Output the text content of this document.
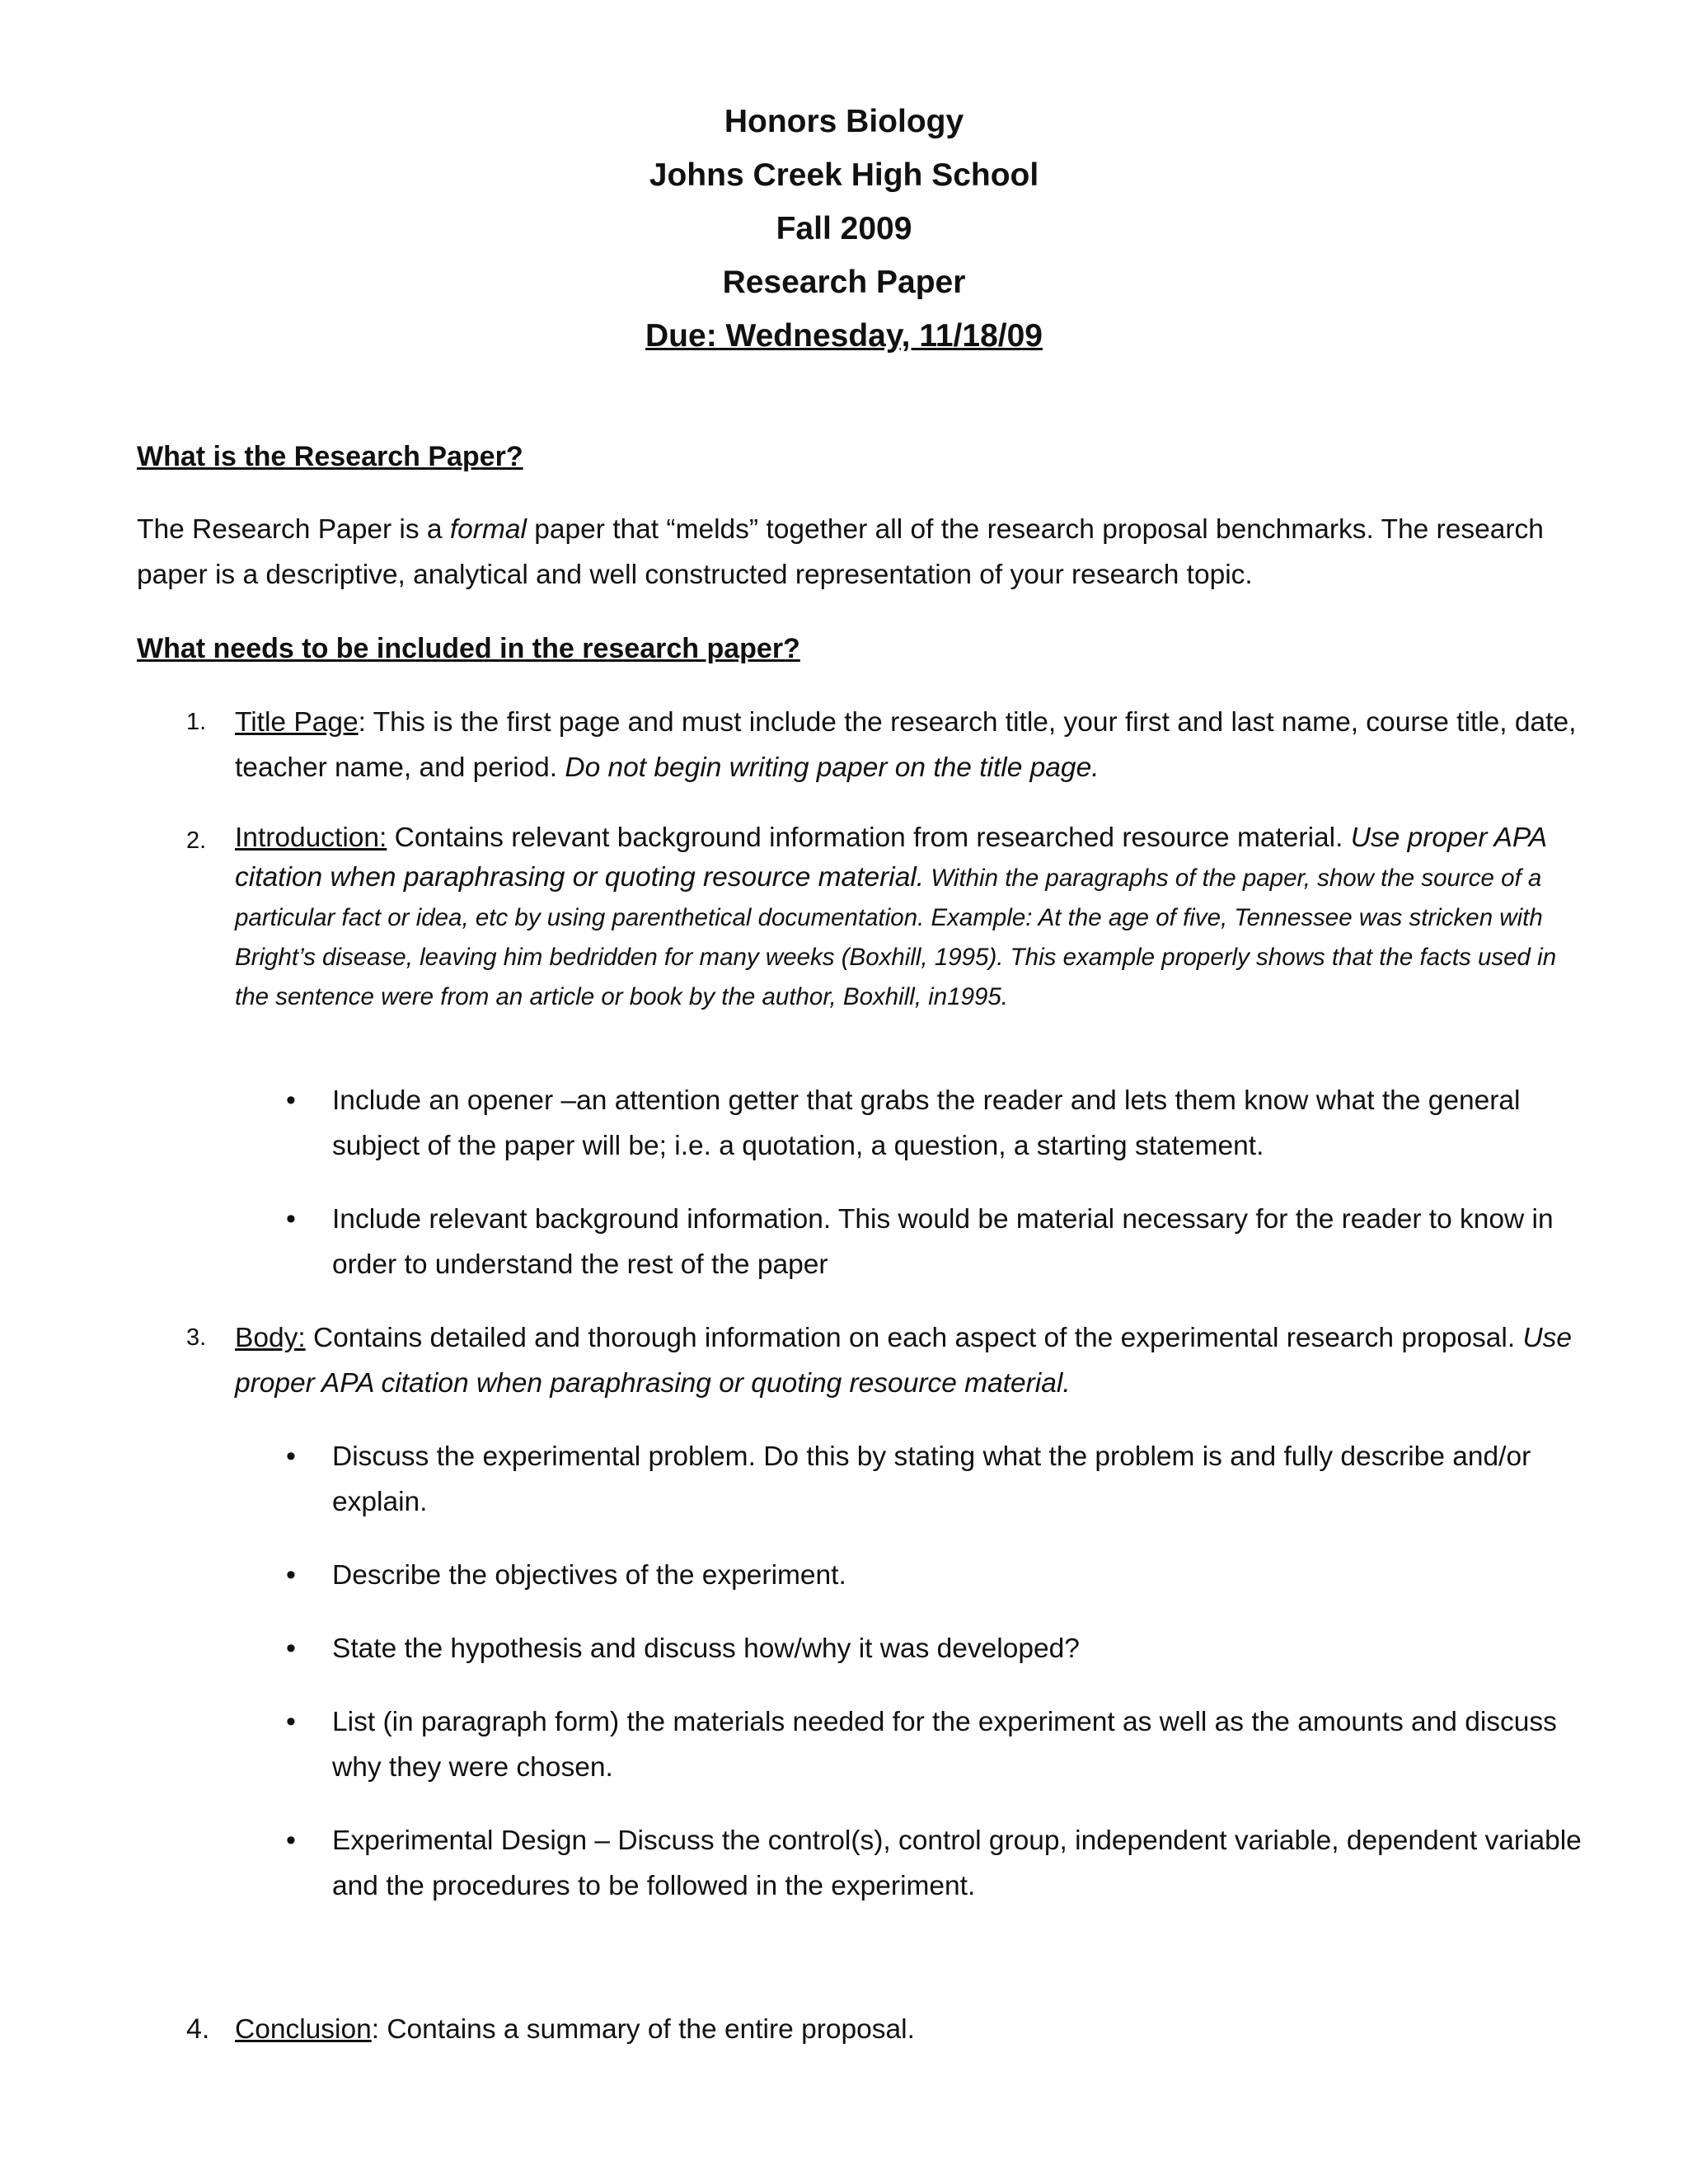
Honors Biology
Johns Creek High School
Fall 2009
Research Paper
Due: Wednesday, 11/18/09
What is the Research Paper?
The Research Paper is a formal paper that “melds” together all of the research proposal benchmarks. The research paper is a descriptive, analytical and well constructed representation of your research topic.
What needs to be included in the research paper?
1. Title Page: This is the first page and must include the research title, your first and last name, course title, date, teacher name, and period. Do not begin writing paper on the title page.
2. Introduction: Contains relevant background information from researched resource material. Use proper APA citation when paraphrasing or quoting resource material. Within the paragraphs of the paper, show the source of a particular fact or idea, etc by using parenthetical documentation. Example: At the age of five, Tennessee was stricken with Bright’s disease, leaving him bedridden for many weeks (Boxhill, 1995). This example properly shows that the facts used in the sentence were from an article or book by the author, Boxhill, in1995.
• Include an opener –an attention getter that grabs the reader and lets them know what the general subject of the paper will be; i.e. a quotation, a question, a starting statement.
• Include relevant background information. This would be material necessary for the reader to know in order to understand the rest of the paper
3. Body: Contains detailed and thorough information on each aspect of the experimental research proposal. Use proper APA citation when paraphrasing or quoting resource material.
• Discuss the experimental problem. Do this by stating what the problem is and fully describe and/or explain.
• Describe the objectives of the experiment.
• State the hypothesis and discuss how/why it was developed?
• List (in paragraph form) the materials needed for the experiment as well as the amounts and discuss why they were chosen.
• Experimental Design – Discuss the control(s), control group, independent variable, dependent variable and the procedures to be followed in the experiment.
4. Conclusion: Contains a summary of the entire proposal.
